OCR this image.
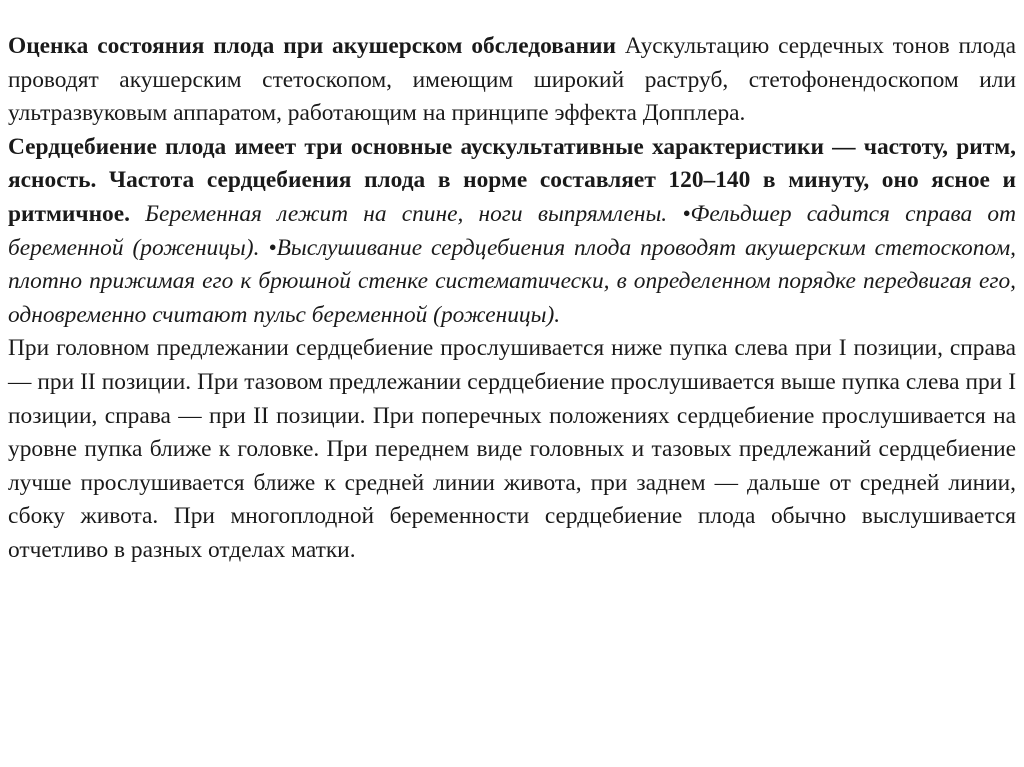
Оценка состояния плода при акушерском обследовании Аускультацию сердечных тонов плода проводят акушерским стетоскопом, имеющим широкий раструб, стетофонендоскопом или ультразвуковым аппаратом, работающим на принципе эффекта Допплера.

Сердцебиение плода имеет три основные аускультативные характеристики — частоту, ритм, ясность. Частота сердцебиения плода в норме составляет 120–140 в минуту, оно ясное и ритмичное. Беременная лежит на спине, ноги выпрямлены. •Фельдшер садится справа от беременной (роженицы). •Выслушивание сердцебиения плода проводят акушерским стетоскопом, плотно прижимая его к брюшной стенке систематически, в определенном порядке передвигая его, одновременно считают пульс беременной (роженицы).

При головном предлежании сердцебиение прослушивается ниже пупка слева при I позиции, справа — при II позиции. При тазовом предлежании сердцебиение прослушивается выше пупка слева при I позиции, справа — при II позиции. При поперечных положениях сердцебиение прослушивается на уровне пупка ближе к головке. При переднем виде головных и тазовых предлежаний сердцебиение лучше прослушивается ближе к средней линии живота, при заднем — дальше от средней линии, сбоку живота. При многоплодной беременности сердцебиение плода обычно выслушивается отчетливо в разных отделах матки.
